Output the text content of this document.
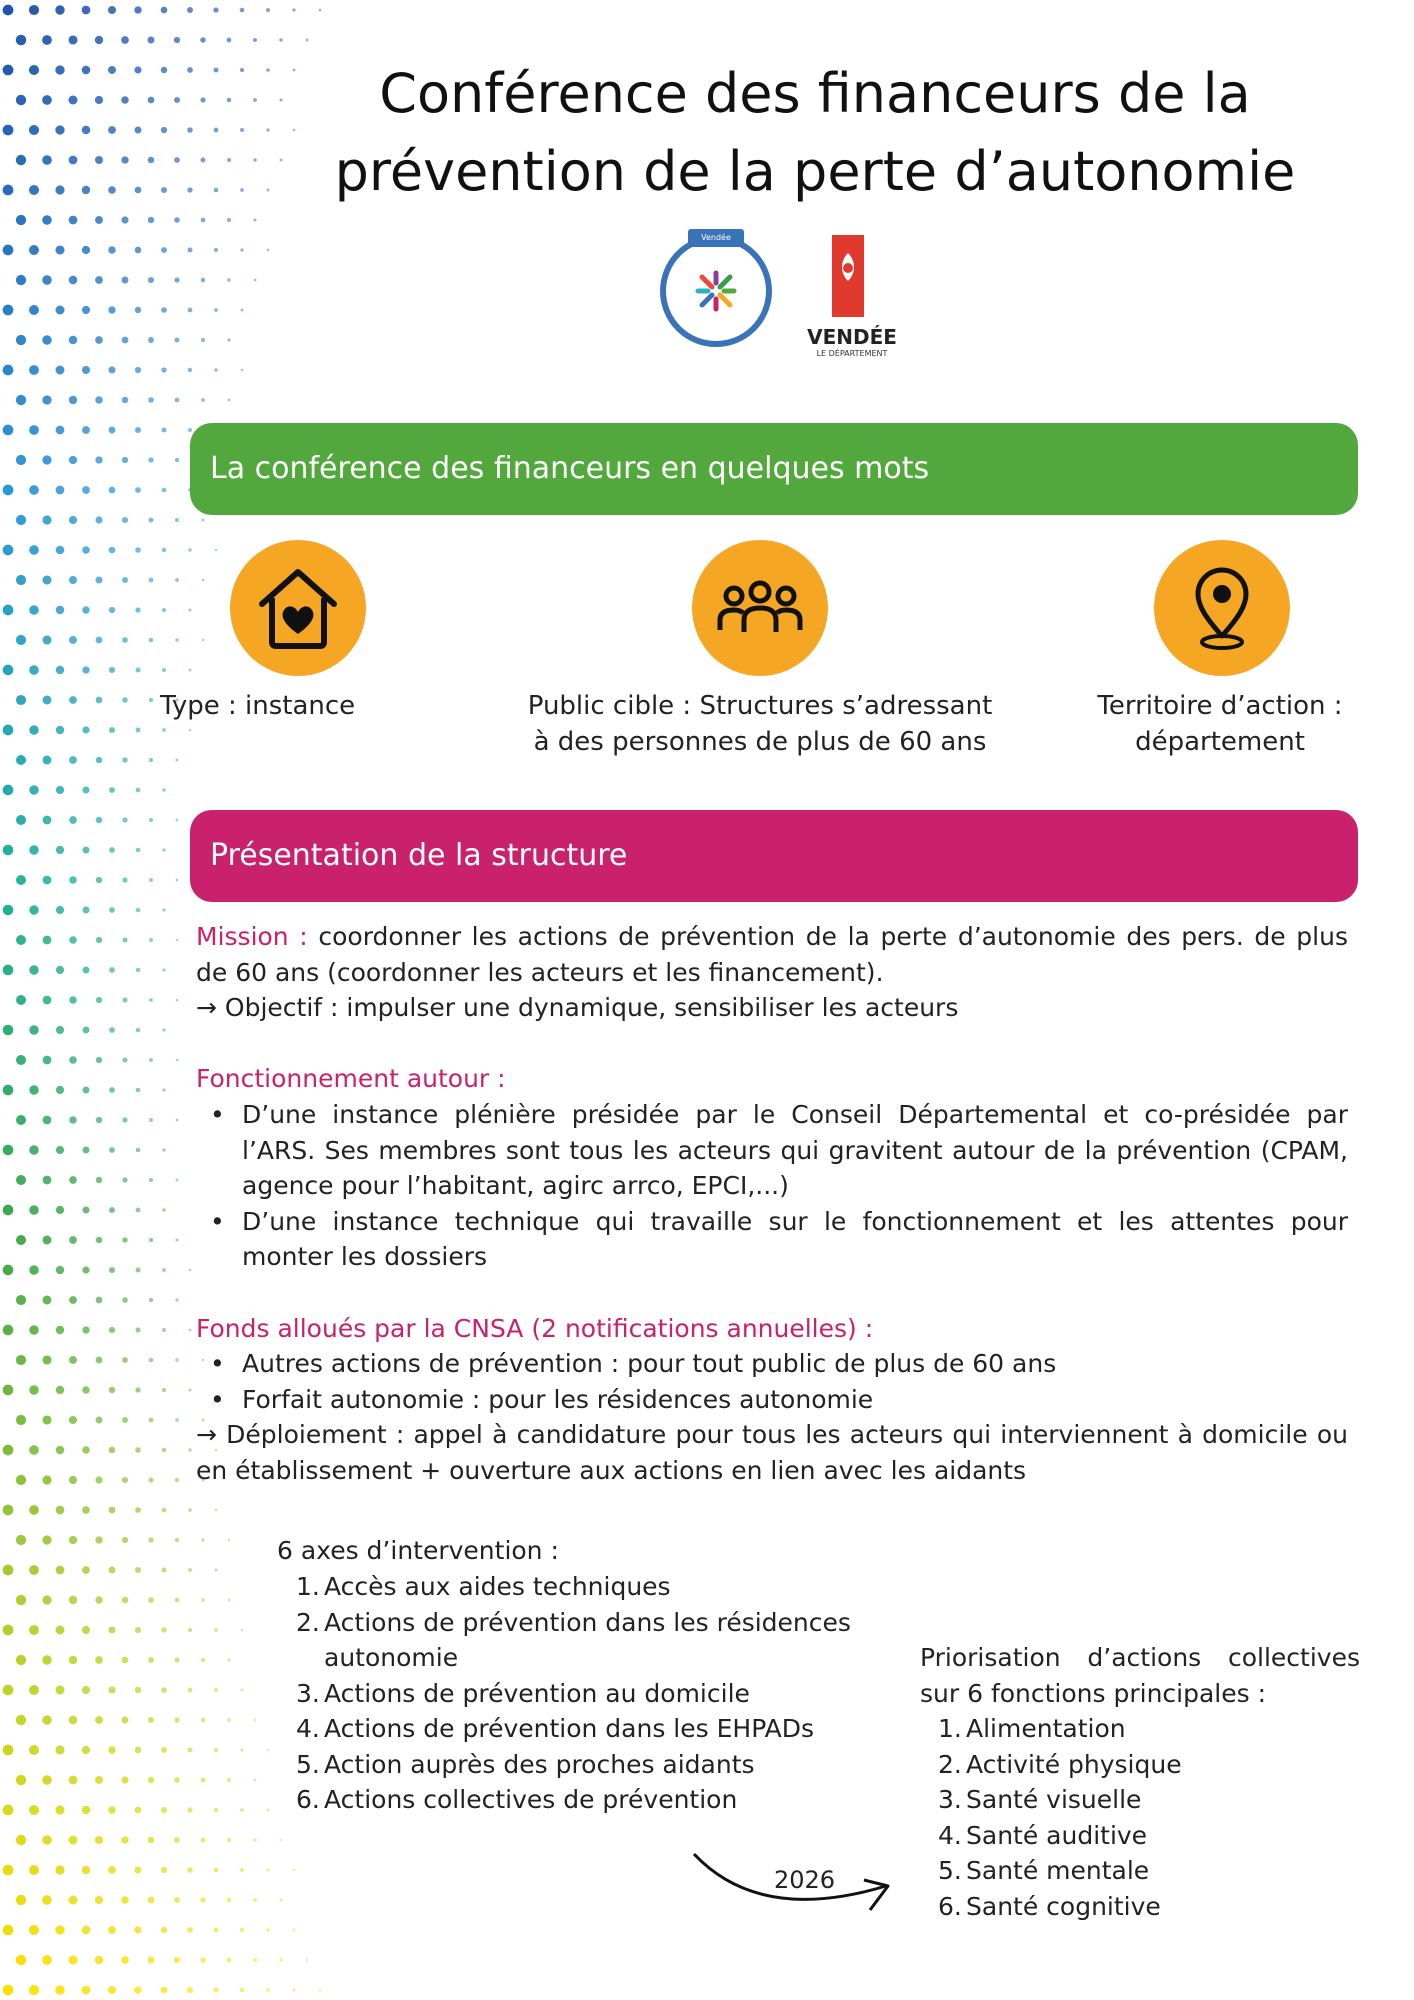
Conférence des financeurs de la
prévention de la perte d’autonomie
Vendée
VENDÉE
LE DÉPARTEMENT
La conférence des financeurs en quelques mots
Type : instance	Public cible : Structures s’adressant
à des personnes de plus de 60 ans
Territoire d’action :
département
Présentation de la structure
Mission : coordonner les actions de prévention de la perte d’autonomie des pers. de plus de 60 ans (coordonner les acteurs et les financement).
→ Objectif : impulser une dynamique, sensibiliser les acteurs
Fonctionnement autour :
• D’une instance plénière présidée par le Conseil Départemental et co-présidée par l’ARS. Ses membres sont tous les acteurs qui gravitent autour de la prévention (CPAM, agence pour l’habitant, agirc arrco, EPCI,...)
• D’une instance technique qui travaille sur le fonctionnement et les attentes pour monter les dossiers
Fonds alloués par la CNSA (2 notifications annuelles) :
• Autres actions de prévention : pour tout public de plus de 60 ans
• Forfait autonomie : pour les résidences autonomie
→ Déploiement : appel à candidature pour tous les acteurs qui interviennent à domicile ou en établissement + ouverture aux actions en lien avec les aidants
6 axes d’intervention :
1. Accès aux aides techniques
2. Actions de prévention dans les résidences autonomie
3. Actions de prévention au domicile
4. Actions de prévention dans les EHPADs
5. Action auprès des proches aidants
6. Actions collectives de prévention
2026
Priorisation d’actions collectives
sur 6 fonctions principales :
1. Alimentation
2. Activité physique
3. Santé visuelle
4. Santé auditive
5. Santé mentale
6. Santé cognitive
